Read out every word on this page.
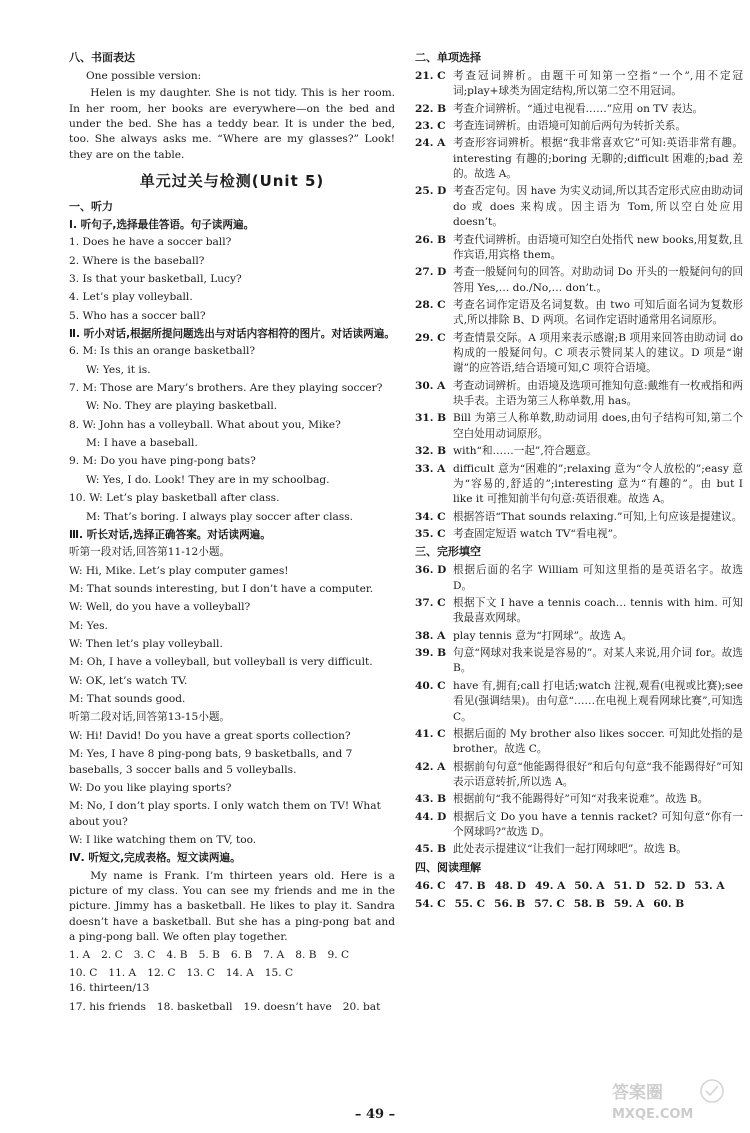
八、书面表达

One possible version:

Helen is my daughter. She is not tidy. This is her room. In her room, her books are everywhere—on the bed and under the bed. She has a teddy bear. It is under the bed, too. She always asks me. “Where are my glasses?” Look! they are on the table.

单元过关与检测(Unit 5)
一、听力
Ⅰ. 听句子,选择最佳答语。句子读两遍。

1. Does he have a soccer ball?

2. Where is the baseball?

3. Is that your basketball, Lucy?

4. Let’s play volleyball.

5. Who has a soccer ball?

Ⅱ. 听小对话,根据所提问题选出与对话内容相符的图片。对话读两遍。

6. M: Is this an orange basketball?

W: Yes, it is.

7. M: Those are Mary’s brothers. Are they playing soccer?

W: No. They are playing basketball.

8. W: John has a volleyball. What about you, Mike?

M: I have a baseball.

9. M: Do you have ping-pong bats?

W: Yes, I do. Look! They are in my schoolbag.

10. W: Let’s play basketball after class.

M: That’s boring. I always play soccer after class.

Ⅲ. 听长对话,选择正确答案。对话读两遍。

听第一段对话,回答第11-12小题。

W: Hi, Mike. Let’s play computer games!

M: That sounds interesting, but I don’t have a computer.

W: Well, do you have a volleyball?

M: Yes.

W: Then let’s play volleyball.

M: Oh, I have a volleyball, but volleyball is very difficult.

W: OK, let’s watch TV.

M: That sounds good.

听第二段对话,回答第13-15小题。

W: Hi! David! Do you have a great sports collection?

M: Yes, I have 8 ping-pong bats, 9 basketballs, and 7 baseballs, 3 soccer balls and 5 volleyballs.

W: Do you like playing sports?

M: No, I don’t play sports. I only watch them on TV! What about you?

W: I like watching them on TV, too.

Ⅳ. 听短文,完成表格。短文读两遍。

My name is Frank. I’m thirteen years old. Here is a picture of my class. You can see my friends and me in the picture. Jimmy has a basketball. He likes to play it. Sandra doesn’t have a basketball. But she has a ping-pong bat and a ping-pong ball. We often play together.

1. A 2. C 3. C 4. B 5. B 6. B 7. A 8. B 9. C
10. C 11. A 12. C 13. C 14. A 15. C
16. thirteen/13
17. his friends 18. basketball 19. doesn’t have 20. bat
二、单项选择
21. C 考查冠词辨析。由题干可知第一空指“一个”,用不定冠词;play+球类为固定结构,所以第二空不用冠词。
22. B 考查介词辨析。“通过电视看……”应用 on TV 表达。
23. C 考查连词辨析。由语境可知前后两句为转折关系。
24. A 考查形容词辨析。根据“我非常喜欢它”可知:英语非常有趣。interesting 有趣的;boring 无聊的;difficult 困难的;bad 差的。故选 A。
25. D 考查否定句。因 have 为实义动词,所以其否定形式应由助动词 do 或 does 来构成。因主语为 Tom,所以空白处应用 doesn’t。
26. B 考查代词辨析。由语境可知空白处指代 new books,用复数,且作宾语,用宾格 them。
27. D 考查一般疑问句的回答。对助动词 Do 开头的一般疑问句的回答用 Yes,… do./No,… don’t.。
28. C 考查名词作定语及名词复数。由 two 可知后面名词为复数形式,所以排除 B、D 两项。名词作定语时通常用名词原形。
29. C 考查情景交际。A 项用来表示感谢;B 项用来回答由助动词 do 构成的一般疑问句。C 项表示赞同某人的建议。D 项是“谢谢”的应答语,结合语境可知,C 项符合语境。
30. A 考查动词辨析。由语境及选项可推知句意:戴维有一枚戒指和两块手表。主语为第三人称单数,用 has。
31. B Bill 为第三人称单数,助动词用 does,由句子结构可知,第二个空白处用动词原形。
32. B with“和……一起”,符合题意。
33. A difficult 意为“困难的”;relaxing 意为“令人放松的”;easy 意为“容易的,舒适的”;interesting 意为“有趣的”。由 but I like it 可推知前半句句意:英语很难。故选 A。
34. C 根据答语“That sounds relaxing.”可知,上句应该是提建议。
35. C 考查固定短语 watch TV“看电视”。
三、完形填空
36. D 根据后面的名字 William 可知这里指的是英语名字。故选 D。
37. C 根据下文 I have a tennis coach… tennis with him. 可知我最喜欢网球。
38. A play tennis 意为“打网球”。故选 A。
39. B 句意“网球对我来说是容易的”。对某人来说,用介词 for。故选 B。
40. C have 有,拥有;call 打电话;watch 注视,观看(电视或比赛);see 看见(强调结果)。由句意“……在电视上观看网球比赛”,可知选 C。
41. C 根据后面的 My brother also likes soccer. 可知此处指的是 brother。故选 C。
42. A 根据前句句意“他能踢得很好”和后句句意“我不能踢得好”可知表示语意转折,所以选 A。
43. B 根据前句“我不能踢得好”可知“对我来说难”。故选 B。
44. D 根据后文 Do you have a tennis racket? 可知句意“你有一个网球吗?”故选 D。
45. B 此处表示提建议“让我们一起打网球吧”。故选 B。
四、阅读理解
46. C 47. B 48. D 49. A 50. A 51. D 52. D 53. A
54. C 55. C 56. B 57. C 58. B 59. A 60. B
– 49 –
答案圈
MXQE.COM
